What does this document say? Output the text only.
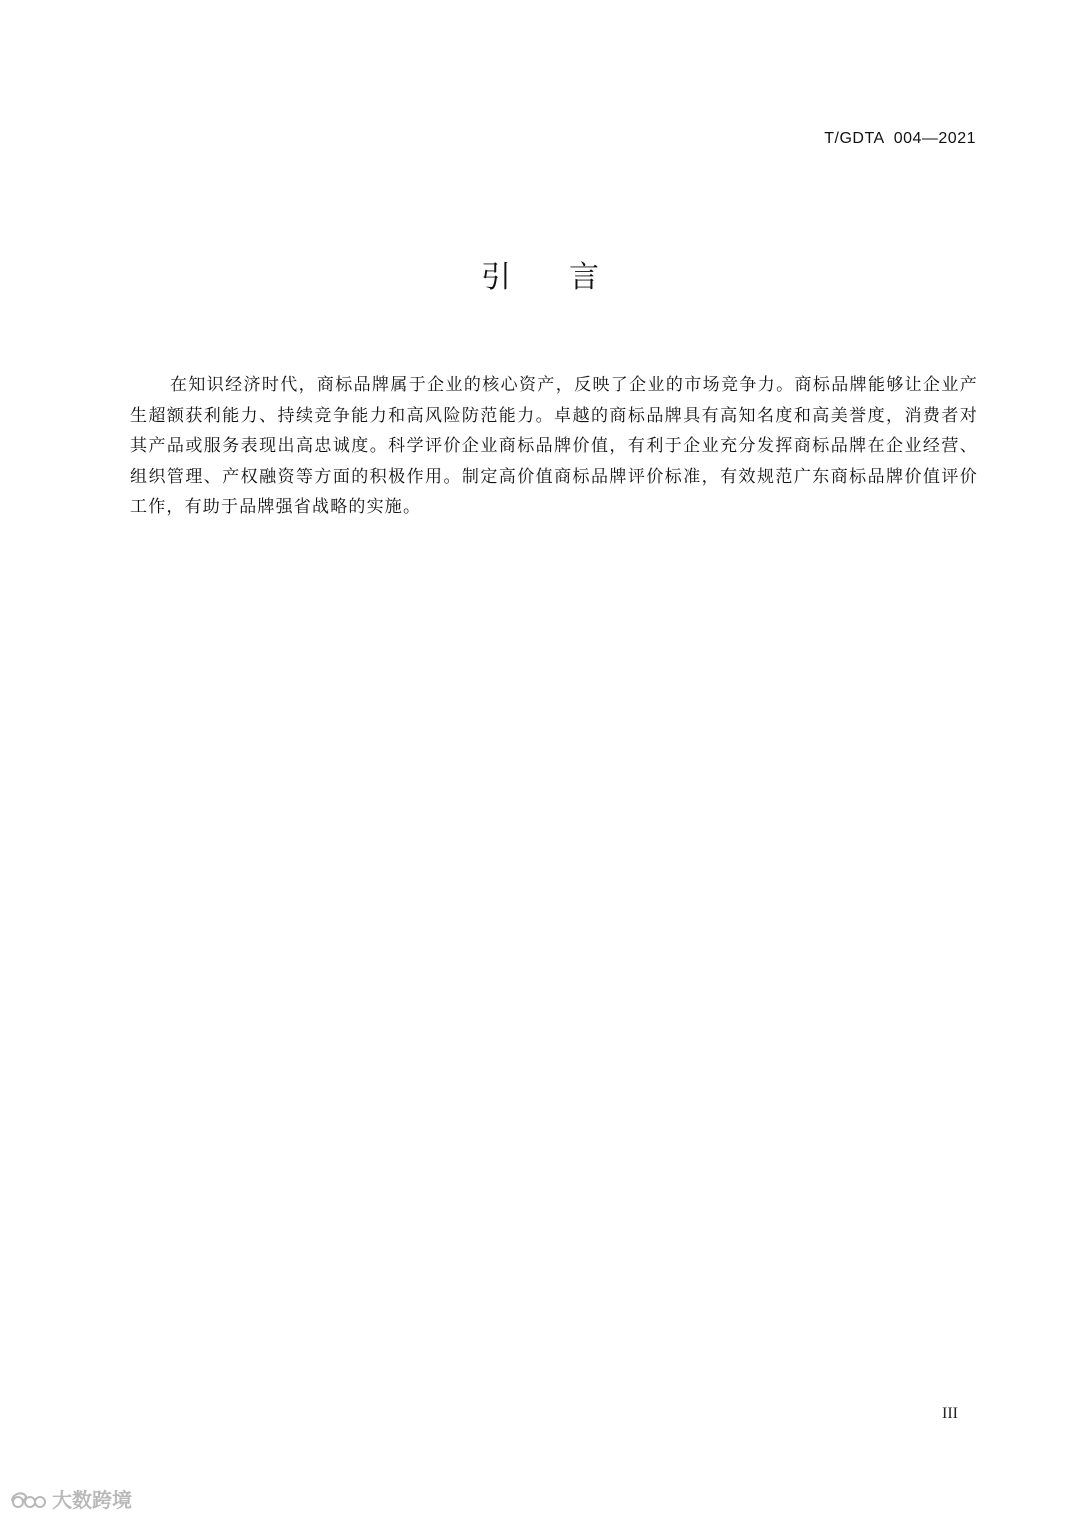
T/GDTA  004—2021
引言

在知识经济时代，商标品牌属于企业的核心资产，反映了企业的市场竞争力。商标品牌能够让企业产生超额获利能力、持续竞争能力和高风险防范能力。卓越的商标品牌具有高知名度和高美誉度，消费者对其产品或服务表现出高忠诚度。科学评价企业商标品牌价值，有利于企业充分发挥商标品牌在企业经营、组织管理、产权融资等方面的积极作用。制定高价值商标品牌评价标准，有效规范广东商标品牌价值评价工作，有助于品牌强省战略的实施。

III
大数跨境
